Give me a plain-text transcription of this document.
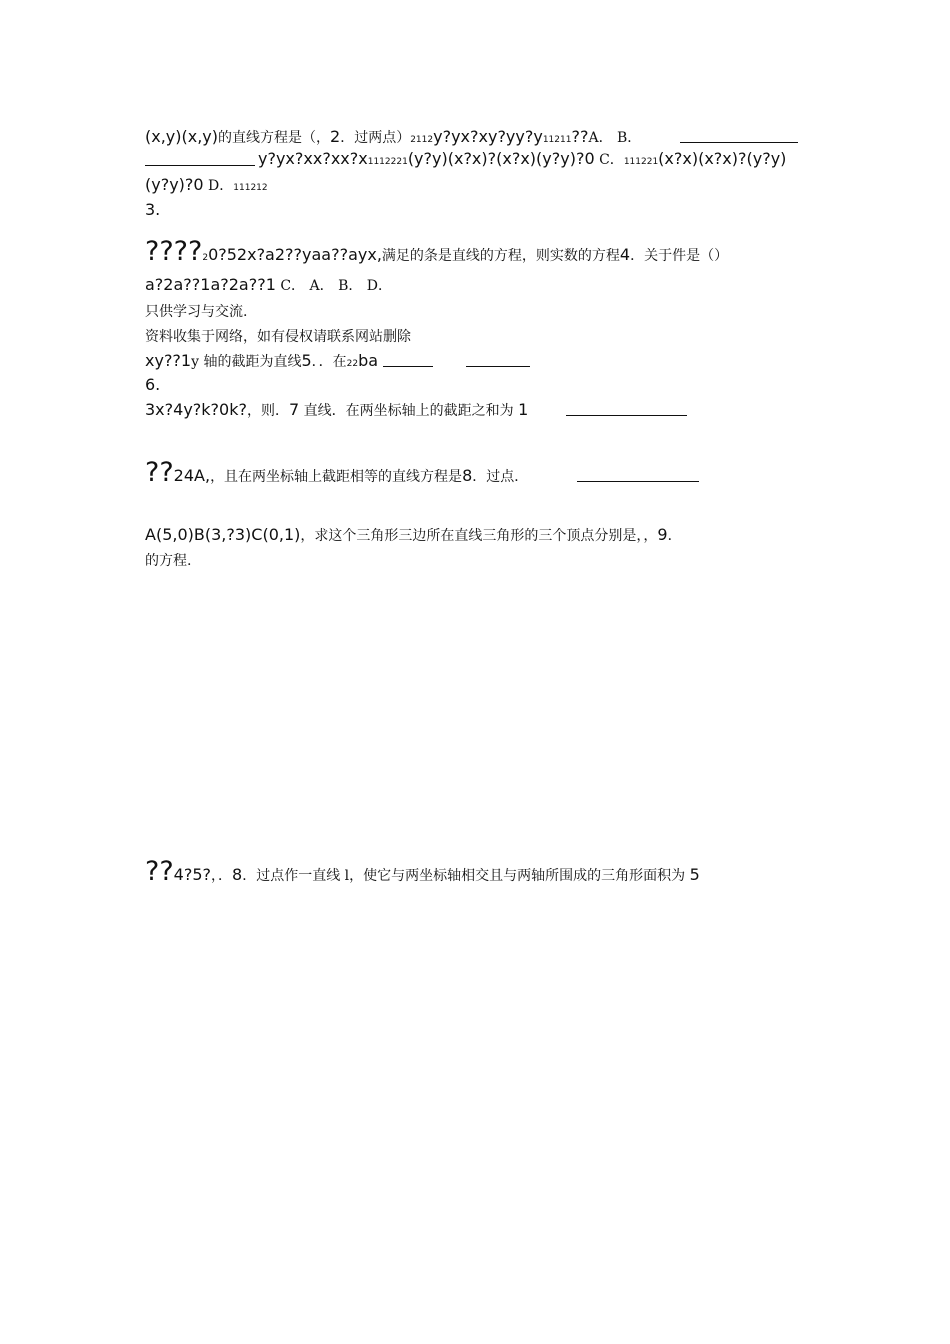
(x,y)(x,y)的直线方程是（，2．过两点）2112y?yx?xy?yy?y11211??A． B．
y?yx?xx?xx?x1112221(y?y)(x?x)?(x?x)(y?y)?0 C．111221(x?x)(x?x)?(y?y)
(y?y)?0 D．111212
3.
????20?52x?a2??yaa??ayx,满足的条是直线的方程，则实数的方程4．关于件是（）
a?2a??1a?2a??1 C． A． B． D．
只供学习与交流.
资料收集于网络，如有侵权请联系网站删除
xy??1y 轴的截距为直线5．．在22ba
6.
3x?4y?k?0k?，则．7 直线．在两坐标轴上的截距之和为 1
??24A,，且在两坐标轴上截距相等的直线方程是8．过点．
A(5,0)B(3,?3)C(0,1)，求这个三角形三边所在直线三角形的三个顶点分别是，，9．
的方程.
??4?5?，．8．过点作一直线 l，使它与两坐标轴相交且与两轴所围成的三角形面积为 5
